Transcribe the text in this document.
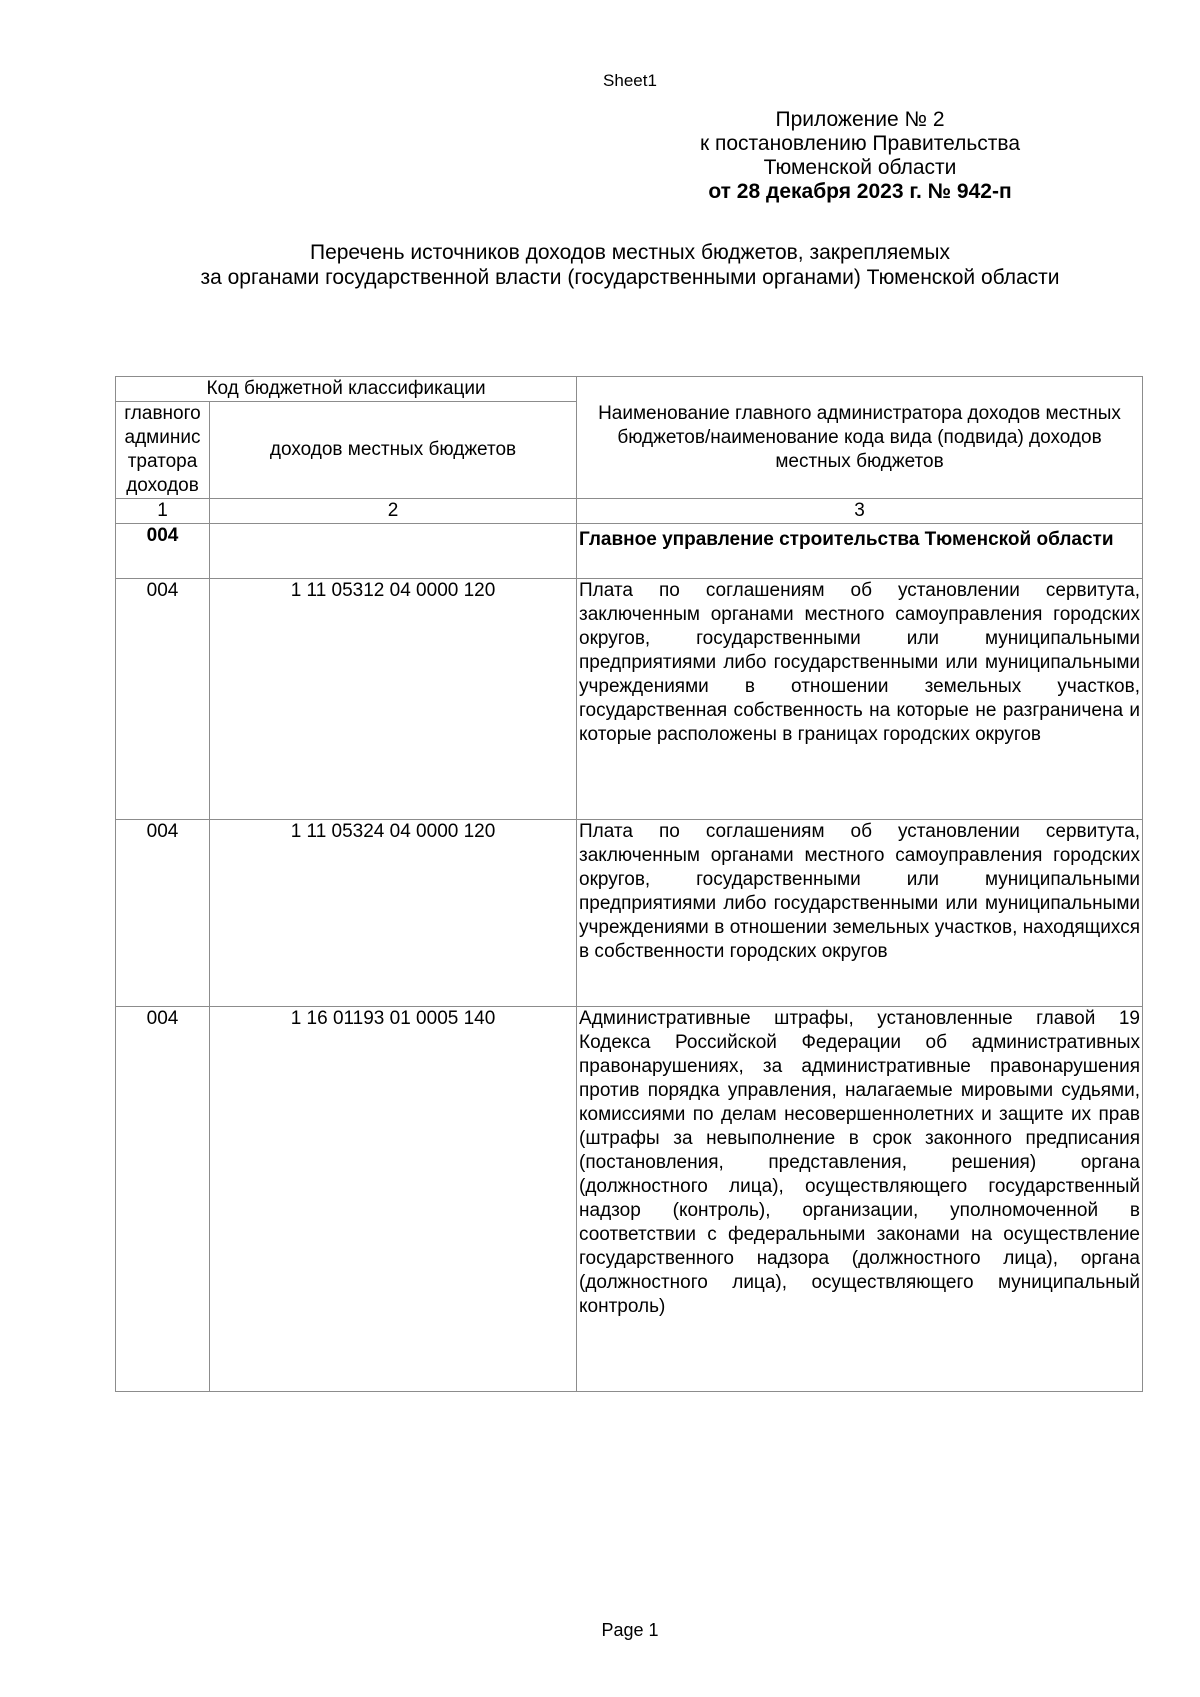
Sheet1
Приложение № 2
к постановлению Правительства
Тюменской области
от 28 декабря 2023 г. № 942-п
Перечень источников доходов местных бюджетов, закрепляемых
за органами государственной власти (государственными органами) Тюменской области
Код бюджетной классификации		Наименование главного администратора доходов местных бюджетов/наименование кода вида (подвида) доходов местных бюджетов
главного админис тратора доходов	доходов местных бюджетов	
1	2	3
004		Главное управление строительства Тюменской области
004	1 11 05312 04 0000 120	Плата по соглашениям об установлении сервитута, заключенным органами местного самоуправления городских округов, государственными или муниципальными предприятиями либо государственными или муниципальными учреждениями в отношении земельных участков, государственная собственность на которые не разграничена и которые расположены в границах городских округов
004	1 11 05324 04 0000 120	Плата по соглашениям об установлении сервитута, заключенным органами местного самоуправления городских округов, государственными или муниципальными предприятиями либо государственными или муниципальными учреждениями в отношении земельных участков, находящихся в собственности городских округов
004	1 16 01193 01 0005 140	Административные штрафы, установленные главой 19 Кодекса Российской Федерации об административных правонарушениях, за административные правонарушения против порядка управления, налагаемые мировыми судьями, комиссиями по делам несовершеннолетних и защите их прав (штрафы за невыполнение в срок законного предписания (постановления, представления, решения) органа (должностного лица), осуществляющего государственный надзор (контроль), организации, уполномоченной в соответствии с федеральными законами на осуществление государственного надзора (должностного лица), органа (должностного лица), осуществляющего муниципальный контроль)
Page 1
